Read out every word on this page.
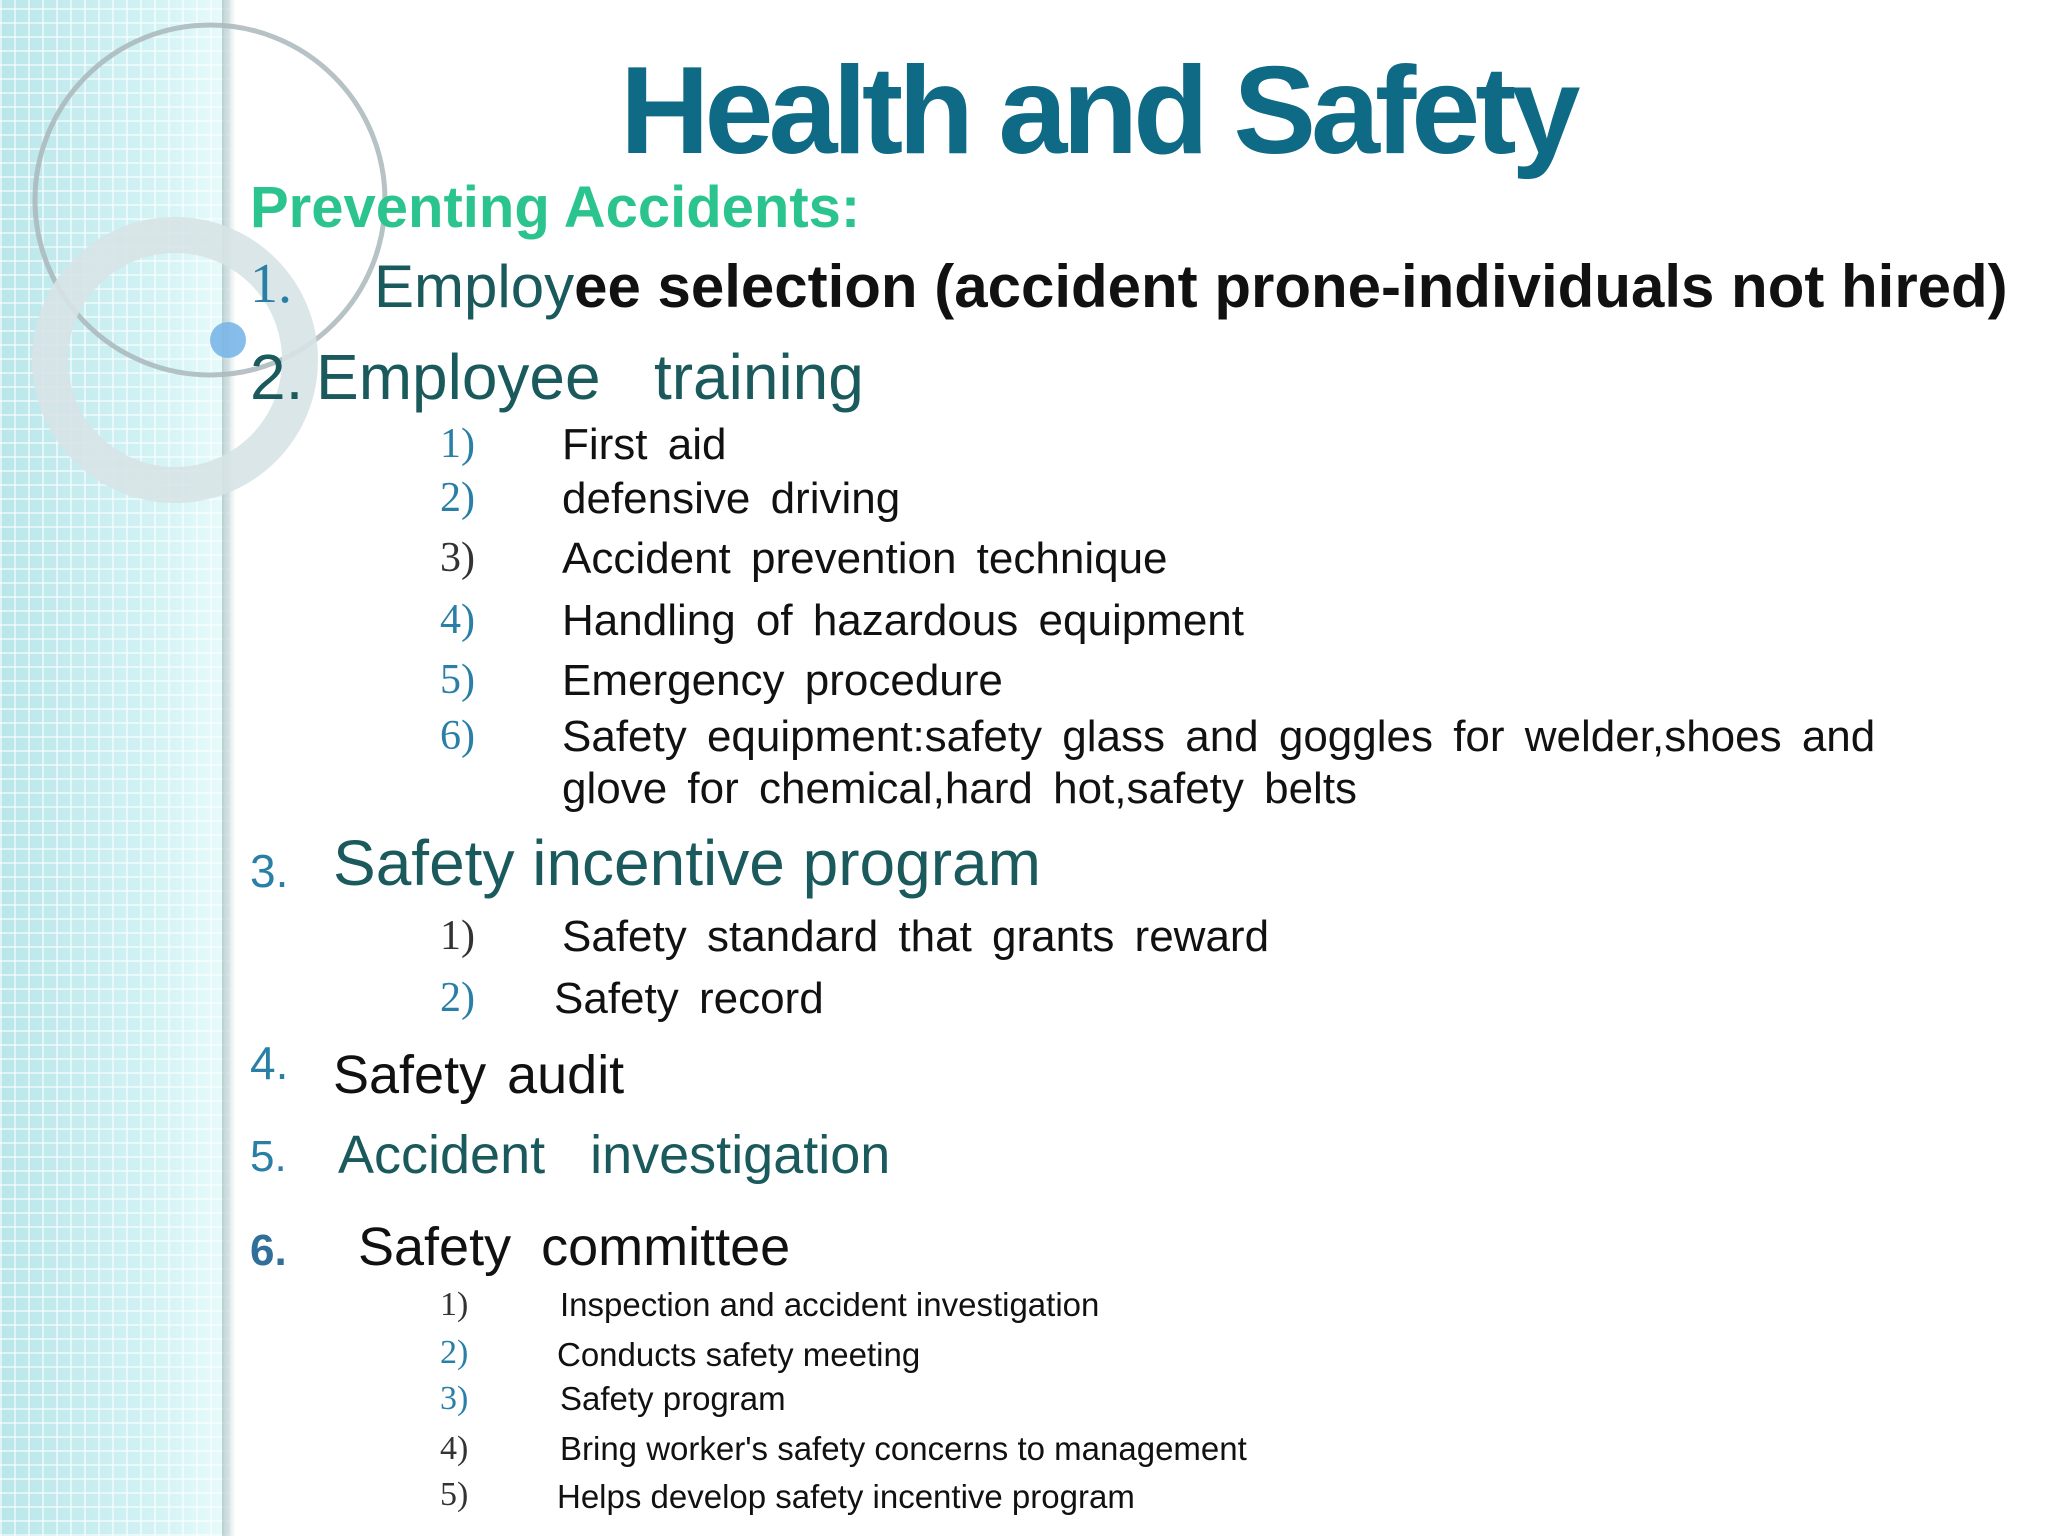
Health and Safety
Preventing Accidents:
1. Employee selection (accident prone-individuals not hired)
2. Employee   training
1) First aid
2) defensive driving
3) Accident prevention technique
4) Handling of hazardous equipment
5) Emergency procedure
6) Safety equipment:safety glass and goggles for welder,shoes and
glove for chemical,hard hot,safety belts
3. Safety incentive program
1) Safety standard that grants reward
2) Safety record
4. Safety audit
5. Accident   investigation
6. Safety  committee
1)	Inspection and accident investigation
2)	Conducts safety meeting
3)	Safety program
4)	Bring worker's safety concerns to management
5)	Helps develop safety incentive program
